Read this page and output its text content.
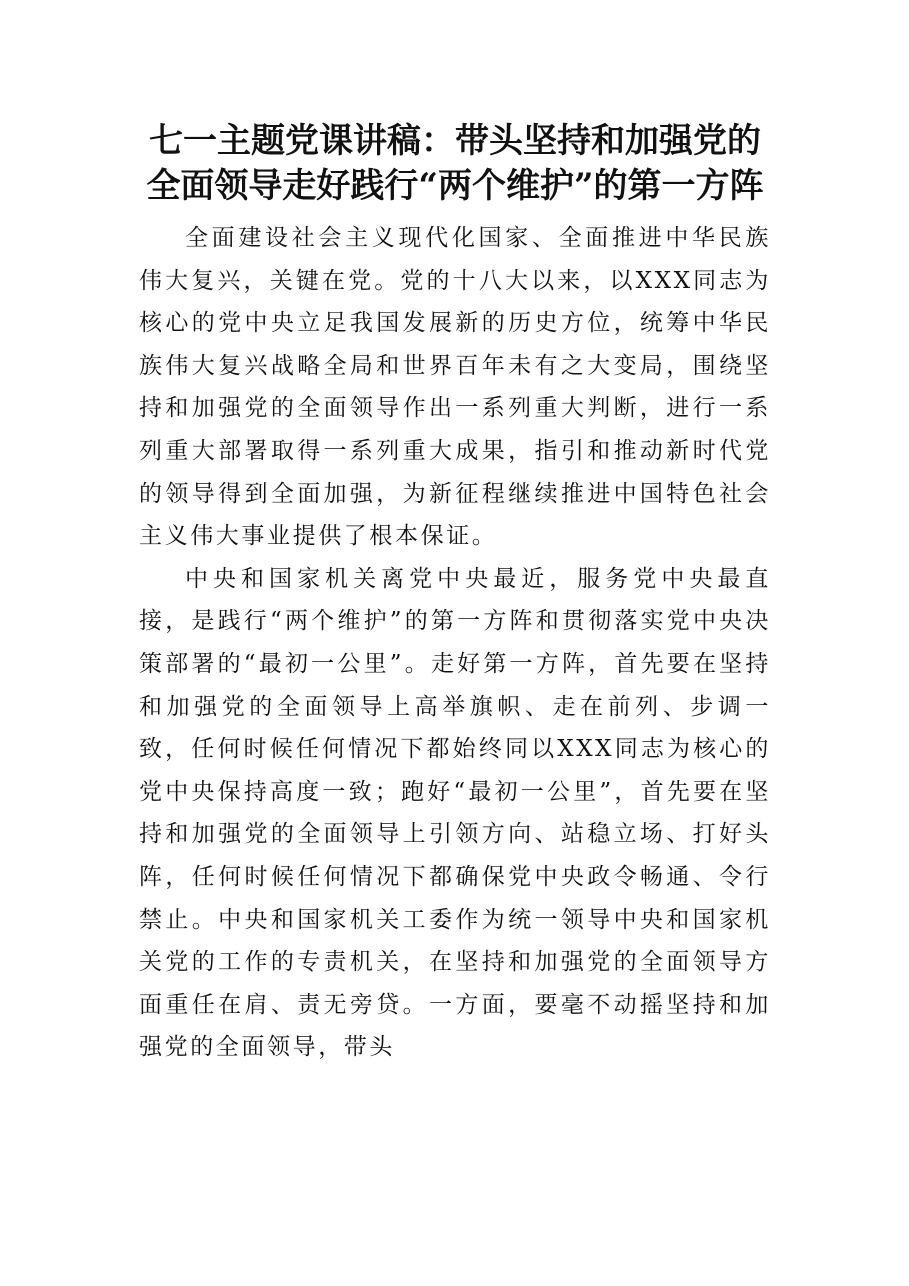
七一主题党课讲稿：带头坚持和加强党的全面领导走好践行“两个维护”的第一方阵

全面建设社会主义现代化国家、全面推进中华民族伟大复兴，关键在党。党的十八大以来，以XXX同志为核心的党中央立足我国发展新的历史方位，统筹中华民族伟大复兴战略全局和世界百年未有之大变局，围绕坚持和加强党的全面领导作出一系列重大判断，进行一系列重大部署取得一系列重大成果，指引和推动新时代党的领导得到全面加强，为新征程继续推进中国特色社会主义伟大事业提供了根本保证。

中央和国家机关离党中央最近，服务党中央最直接，是践行“两个维护”的第一方阵和贯彻落实党中央决策部署的“最初一公里”。走好第一方阵，首先要在坚持和加强党的全面领导上高举旗帜、走在前列、步调一致，任何时候任何情况下都始终同以XXX同志为核心的党中央保持高度一致；跑好“最初一公里”，首先要在坚持和加强党的全面领导上引领方向、站稳立场、打好头阵，任何时候任何情况下都确保党中央政令畅通、令行禁止。中央和国家机关工委作为统一领导中央和国家机关党的工作的专责机关，在坚持和加强党的全面领导方面重任在肩、责无旁贷。一方面，要毫不动摇坚持和加强党的全面领导，带头
